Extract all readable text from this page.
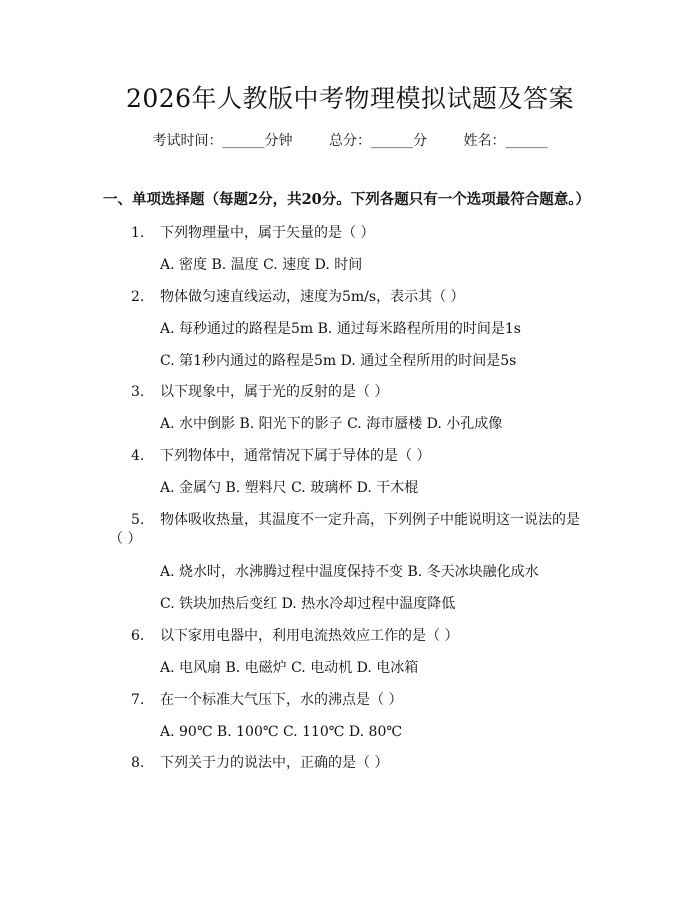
2026年人教版中考物理模拟试题及答案
考试时间：______分钟	总分：______分	姓名：______
一、单项选择题（每题2分，共20分。下列各题只有一个选项最符合题意。）
1. 下列物理量中，属于矢量的是（ ）
A. 密度 B. 温度 C. 速度 D. 时间
2. 物体做匀速直线运动，速度为5m/s，表示其（ ）
A. 每秒通过的路程是5m B. 通过每米路程所用的时间是1s
C. 第1秒内通过的路程是5m D. 通过全程所用的时间是5s
3. 以下现象中，属于光的反射的是（ ）
A. 水中倒影 B. 阳光下的影子 C. 海市蜃楼 D. 小孔成像
4. 下列物体中，通常情况下属于导体的是（ ）
A. 金属勺 B. 塑料尺 C. 玻璃杯 D. 干木棍
5. 物体吸收热量，其温度不一定升高，下列例子中能说明这一说法的是
（ ）
A. 烧水时，水沸腾过程中温度保持不变 B. 冬天冰块融化成水
C. 铁块加热后变红 D. 热水冷却过程中温度降低
6. 以下家用电器中，利用电流热效应工作的是（ ）
A. 电风扇 B. 电磁炉 C. 电动机 D. 电冰箱
7. 在一个标准大气压下，水的沸点是（ ）
A. 90℃ B. 100℃ C. 110℃ D. 80℃
8. 下列关于力的说法中，正确的是（ ）
